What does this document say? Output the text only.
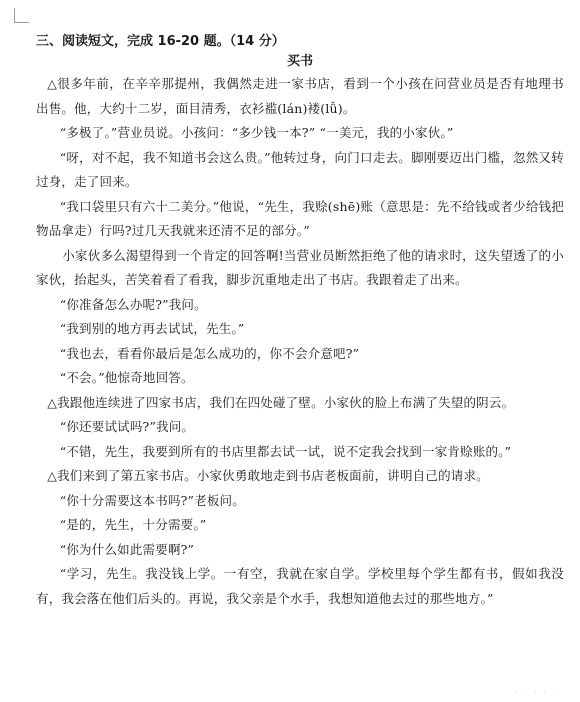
三、阅读短文，完成 16-20 题。（14 分）

买书

△很多年前，在辛辛那提州，我偶然走进一家书店，看到一个小孩在问营业员是否有地理书出售。他，大约十二岁，面目清秀，衣衫褴(lán)褛(lǚ)。

“多极了。”营业员说。小孩问：“多少钱一本?” “一美元，我的小家伙。”

“呀，对不起，我不知道书会这么贵。”他转过身，向门口走去。脚刚要迈出门槛，忽然又转过身，走了回来。

“我口袋里只有六十二美分。”他说，“先生，我赊(shē)账（意思是：先不给钱或者少给钱把物品拿走）行吗?过几天我就来还清不足的部分。”

小家伙多么渴望得到一个肯定的回答啊!当营业员断然拒绝了他的请求时，这失望透了的小家伙，抬起头，苦笑着看了看我，脚步沉重地走出了书店。我跟着走了出来。

“你准备怎么办呢?”我问。

“我到别的地方再去试试，先生。”

“我也去，看看你最后是怎么成功的，你不会介意吧?”

“不会。”他惊奇地回答。

△我跟他连续进了四家书店，我们在四处碰了壁。小家伙的脸上布满了失望的阴云。

“你还要试试吗?”我问。

“不错，先生，我要到所有的书店里都去试一试，说不定我会找到一家肯赊账的。”

△我们来到了第五家书店。小家伙勇敢地走到书店老板面前，讲明自己的请求。

“你十分需要这本书吗?”老板问。

“是的，先生，十分需要。”

“你为什么如此需要啊?”

“学习，先生。我没钱上学。一有空，我就在家自学。学校里每个学生都有书，假如我没有，我会落在他们后头的。再说，我父亲是个水手，我想知道他去过的那些地方。”

· · · · ·
